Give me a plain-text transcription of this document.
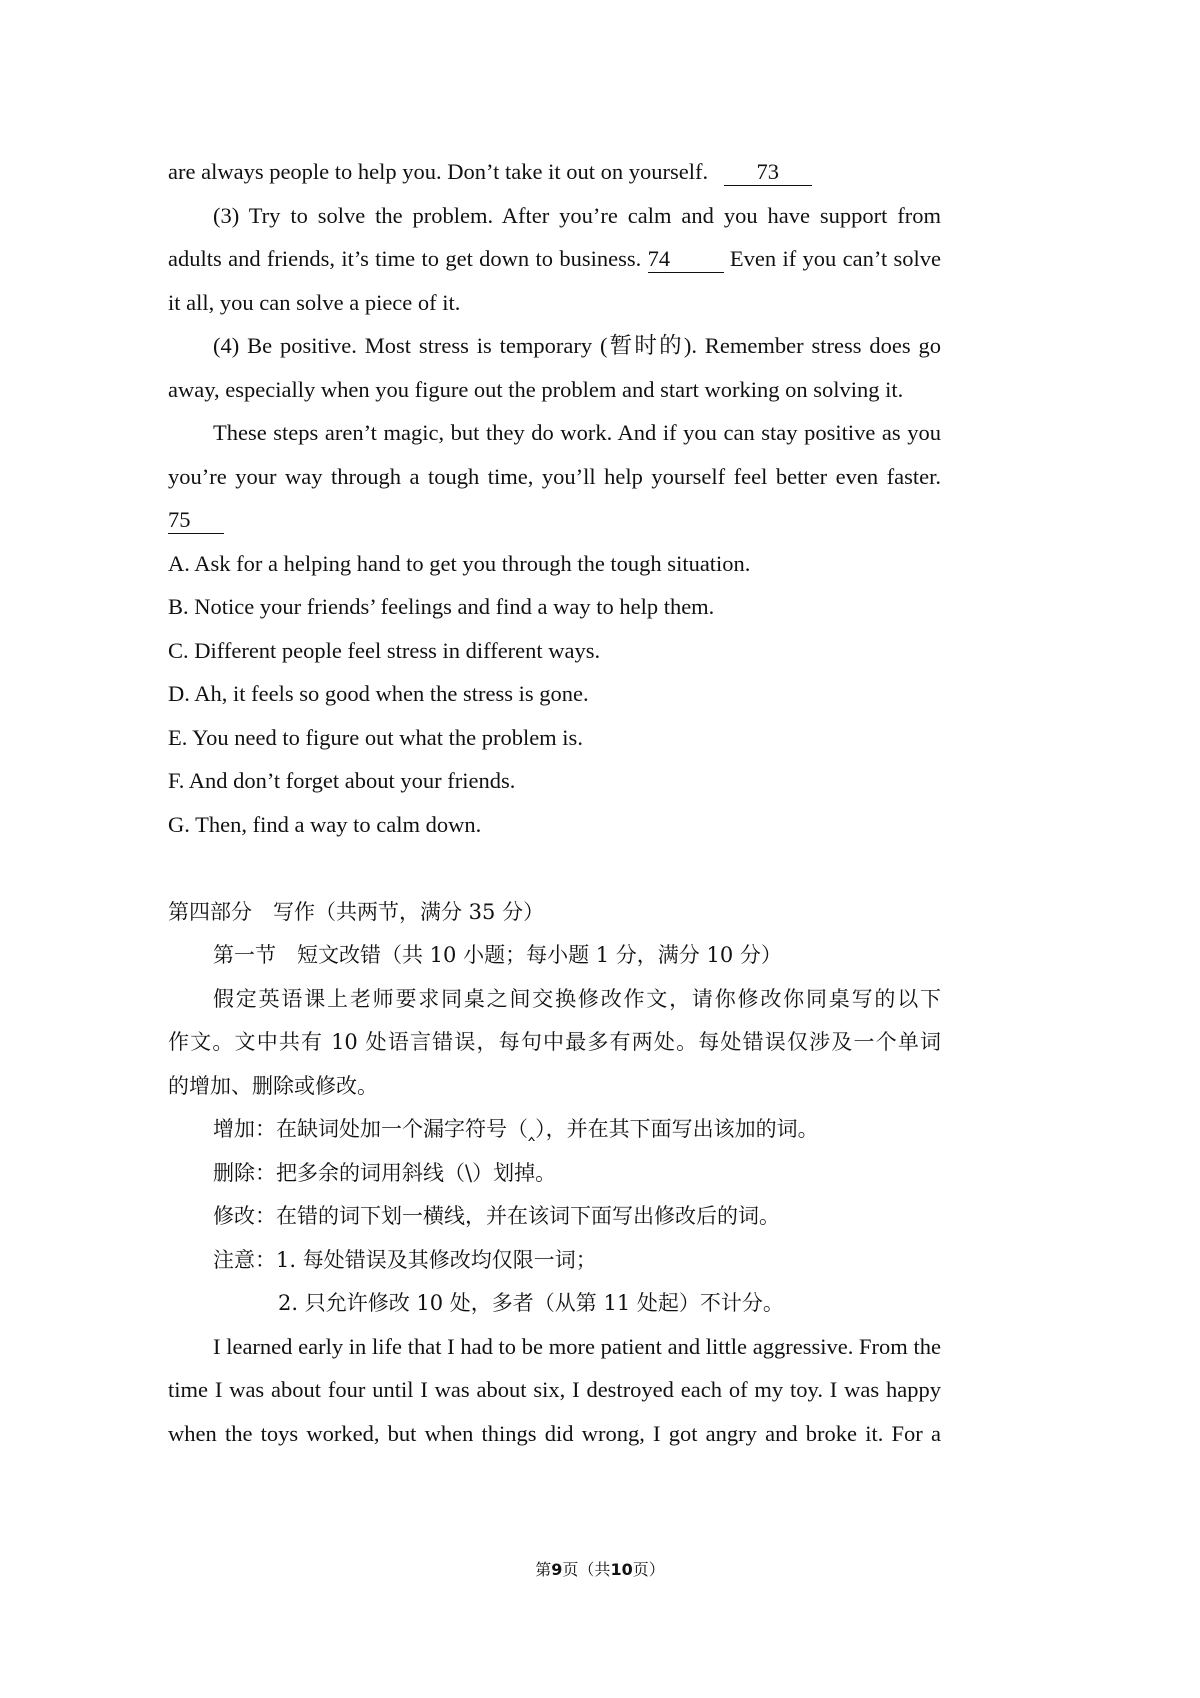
are always people to help you. Don’t take it out on yourself. 73
(3) Try to solve the problem. After you’re calm and you have support from
adults and friends, it’s time to get down to business. 74	Even if you can’t solve
it all, you can solve a piece of it.
(4) Be positive. Most stress is temporary (暂时的). Remember stress does go
away, especially when you figure out the problem and start working on solving it.
These steps aren’t magic, but they do work. And if you can stay positive as you
you’re your way through a tough time, you’ll help yourself feel better even faster.
75
A. Ask for a helping hand to get you through the tough situation.
B. Notice your friends’ feelings and find a way to help them.
C. Different people feel stress in different ways.
D. Ah, it feels so good when the stress is gone.
E. You need to figure out what the problem is.
F. And don’t forget about your friends.
G. Then, find a way to calm down.
第四部分　写作（共两节，满分 35 分）
第一节　短文改错（共 10 小题；每小题 1 分，满分 10 分）
假定英语课上老师要求同桌之间交换修改作文，请你修改你同桌写的以下
作文。文中共有 10 处语言错误，每句中最多有两处。每处错误仅涉及一个单词
的增加、删除或修改。
增加：在缺词处加一个漏字符号（‸），并在其下面写出该加的词。
删除：把多余的词用斜线（\）划掉。
修改：在错的词下划一横线，并在该词下面写出修改后的词。
注意：1. 每处错误及其修改均仅限一词；
2. 只允许修改 10 处，多者（从第 11 处起）不计分。
I learned early in life that I had to be more patient and little aggressive. From the
time I was about four until I was about six, I destroyed each of my toy. I was happy
when the toys worked, but when things did wrong, I got angry and broke it. For a
第9页（共10页）
